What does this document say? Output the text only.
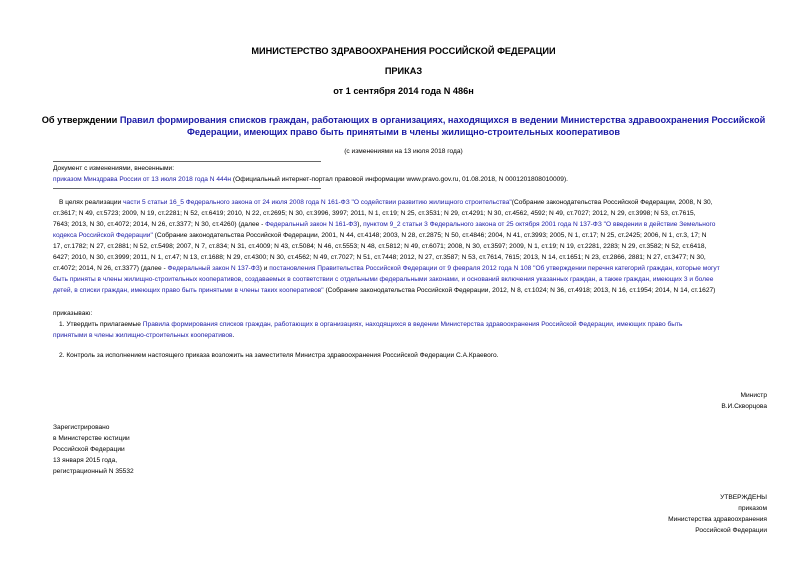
МИНИСТЕРСТВО ЗДРАВООХРАНЕНИЯ РОССИЙСКОЙ ФЕДЕРАЦИИ
ПРИКАЗ
от 1 сентября 2014 года N 486н
Об утверждении Правил формирования списков граждан, работающих в организациях, находящихся в ведении Министерства здравоохранения Российской
Федерации, имеющих право быть принятыми в члены жилищно-строительных кооперативов
(с изменениями на 13 июля 2018 года)
Документ с изменениями, внесенными:
приказом Минздрава России от 13 июля 2018 года N 444н (Официальный интернет-портал правовой информации www.pravo.gov.ru, 01.08.2018, N 0001201808010009).
В целях реализации части 5 статьи 16_5 Федерального закона от 24 июля 2008 года N 161-ФЗ "О содействии развитию жилищного строительства"(Собрание законодательства Российской Федерации, 2008, N 30,
ст.3617; N 49, ст.5723; 2009, N 19, ст.2281; N 52, ст.6419; 2010, N 22, ст.2695; N 30, ст.3996, 3997; 2011, N 1, ст.19; N 25, ст.3531; N 29, ст.4291; N 30, ст.4562, 4592; N 49, ст.7027; 2012, N 29, ст.3998; N 53, ст.7615,
7643; 2013, N 30, ст.4072; 2014, N 26, ст.3377; N 30, ст.4260) (далее - Федеральный закон N 161-ФЗ), пунктом 9_2 статьи 3 Федерального закона от 25 октября 2001 года N 137-ФЗ "О введении в действие Земельного
кодекса Российской Федерации" (Собрание законодательства Российской Федерации, 2001, N 44, ст.4148; 2003, N 28, ст.2875; N 50, ст.4846; 2004, N 41, ст.3993; 2005, N 1, ст.17; N 25, ст.2425; 2006, N 1, ст.3, 17; N
17, ст.1782; N 27, ст.2881; N 52, ст.5498; 2007, N 7, ст.834; N 31, ст.4009; N 43, ст.5084; N 46, ст.5553; N 48, ст.5812; N 49, ст.6071; 2008, N 30, ст.3597; 2009, N 1, ст.19; N 19, ст.2281, 2283; N 29, ст.3582; N 52, ст.6418,
6427; 2010, N 30, ст.3999; 2011, N 1, ст.47; N 13, ст.1688; N 29, ст.4300; N 30, ст.4562; N 49, ст.7027; N 51, ст.7448; 2012, N 27, ст.3587; N 53, ст.7614, 7615; 2013, N 14, ст.1651; N 23, ст.2866, 2881; N 27, ст.3477; N 30,
ст.4072; 2014, N 26, ст.3377) (далее - Федеральный закон N 137-ФЗ) и постановления Правительства Российской Федерации от 9 февраля 2012 года N 108 "Об утверждении перечня категорий граждан, которые могут
быть приняты в члены жилищно-строительных кооперативов, создаваемых в соответствии с отдельными федеральными законами, и оснований включения указанных граждан, а также граждан, имеющих 3 и более
детей, в списки граждан, имеющих право быть принятыми в члены таких кооперативов" (Собрание законодательства Российской Федерации, 2012, N 8, ст.1024; N 36, ст.4918; 2013, N 16, ст.1954; 2014, N 14, ст.1627)
приказываю:
1. Утвердить прилагаемые Правила формирования списков граждан, работающих в организациях, находящихся в ведении Министерства здравоохранения Российской Федерации, имеющих право быть
принятыми в члены жилищно-строительных кооперативов.
2. Контроль за исполнением настоящего приказа возложить на заместителя Министра здравоохранения Российской Федерации С.А.Краевого.
Министр
В.И.Скворцова
Зарегистрировано
в Министерстве юстиции
Российской Федерации
13 января 2015 года,
регистрационный N 35532
УТВЕРЖДЕНЫ
приказом
Министерства здравоохранения
Российской Федерации
